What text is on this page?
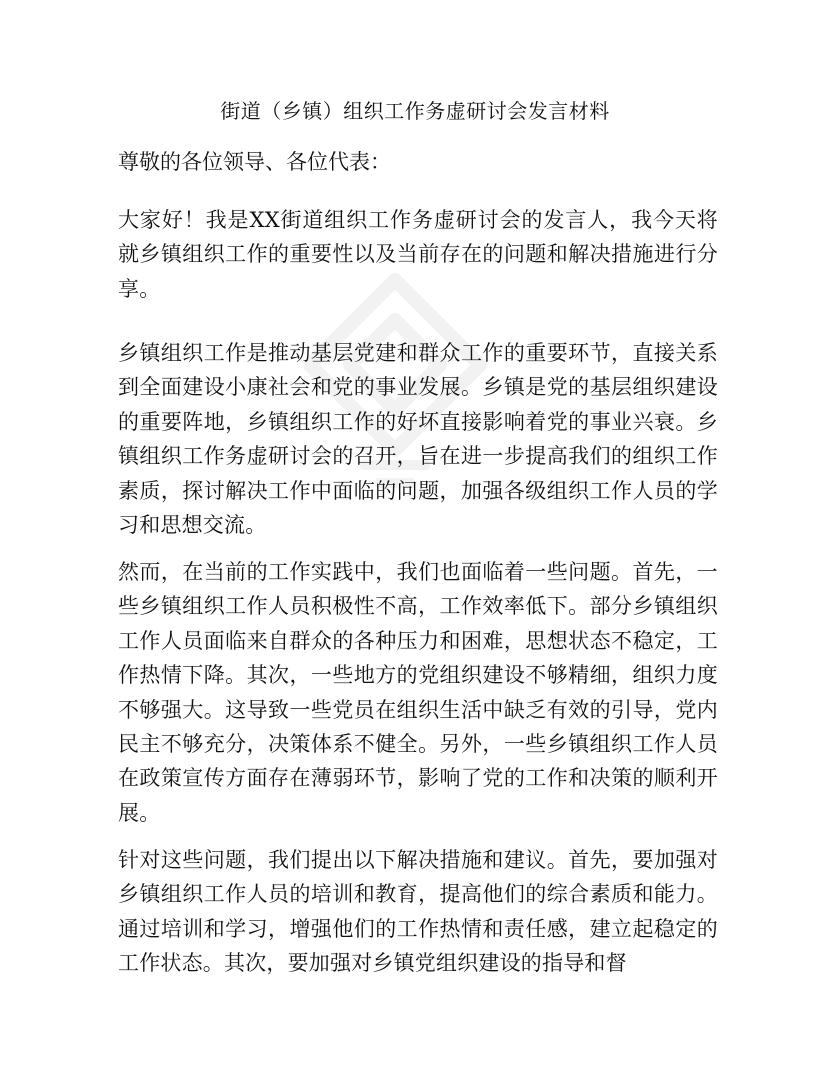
街道（乡镇）组织工作务虚研讨会发言材料
尊敬的各位领导、各位代表：
大家好！我是XX街道组织工作务虚研讨会的发言人，我今天将就乡镇组织工作的重要性以及当前存在的问题和解决措施进行分享。
乡镇组织工作是推动基层党建和群众工作的重要环节，直接关系到全面建设小康社会和党的事业发展。乡镇是党的基层组织建设的重要阵地，乡镇组织工作的好坏直接影响着党的事业兴衰。乡镇组织工作务虚研讨会的召开，旨在进一步提高我们的组织工作素质，探讨解决工作中面临的问题，加强各级组织工作人员的学习和思想交流。
然而，在当前的工作实践中，我们也面临着一些问题。首先，一些乡镇组织工作人员积极性不高，工作效率低下。部分乡镇组织工作人员面临来自群众的各种压力和困难，思想状态不稳定，工作热情下降。其次，一些地方的党组织建设不够精细，组织力度不够强大。这导致一些党员在组织生活中缺乏有效的引导，党内民主不够充分，决策体系不健全。另外，一些乡镇组织工作人员在政策宣传方面存在薄弱环节，影响了党的工作和决策的顺利开展。
针对这些问题，我们提出以下解决措施和建议。首先，要加强对乡镇组织工作人员的培训和教育，提高他们的综合素质和能力。通过培训和学习，增强他们的工作热情和责任感，建立起稳定的工作状态。其次，要加强对乡镇党组织建设的指导和督
